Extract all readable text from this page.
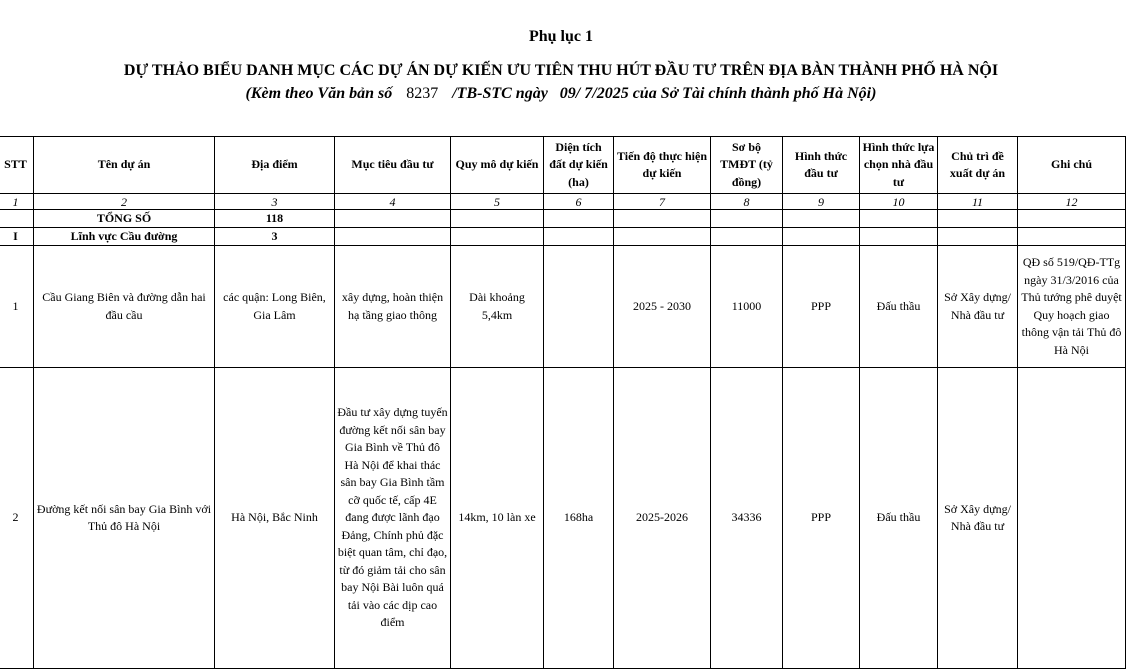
Phụ lục 1
DỰ THẢO BIỂU DANH MỤC CÁC DỰ ÁN DỰ KIẾN ƯU TIÊN THU HÚT ĐẦU TƯ TRÊN ĐỊA BÀN THÀNH PHỐ HÀ NỘI
(Kèm theo Văn bản số 8237 /TB-STC ngày 09/ 7/2025 của Sở Tài chính thành phố Hà Nội)
STT	Tên dự án	Địa điểm	Mục tiêu đầu tư	Quy mô dự kiến	Diện tích đất dự kiến (ha)	Tiến độ thực hiện dự kiến	Sơ bộ TMĐT (tỷ đồng)	Hình thức đầu tư	Hình thức lựa chọn nhà đầu tư	Chủ trì đề xuất dự án	Ghi chú
1	2	3	4	5	6	7	8	9	10	11	12
	TỔNG SỐ	118									
I	Lĩnh vực Cầu đường	3									
1	Cầu Giang Biên và đường dẫn hai đầu cầu	các quận: Long Biên, Gia Lâm	xây dựng, hoàn thiện hạ tầng giao thông	Dài khoảng 5,4km		2025 - 2030	11000	PPP	Đấu thầu	Sở Xây dựng/ Nhà đầu tư	QĐ số 519/QĐ-TTg ngày 31/3/2016 của Thủ tướng phê duyệt Quy hoạch giao thông vận tải Thủ đô Hà Nội
2	Đường kết nối sân bay Gia Bình với Thủ đô Hà Nội	Hà Nội, Bắc Ninh	Đầu tư xây dựng tuyến đường kết nối sân bay Gia Bình về Thủ đô Hà Nội để khai thác sân bay Gia Bình tầm cỡ quốc tế, cấp 4E đang được lãnh đạo Đảng, Chính phủ đặc biệt quan tâm, chỉ đạo, từ đó giảm tải cho sân bay Nội Bài luôn quá tải vào các dịp cao điểm	14km, 10 làn xe	168ha	2025-2026	34336	PPP	Đấu thầu	Sở Xây dựng/ Nhà đầu tư	
